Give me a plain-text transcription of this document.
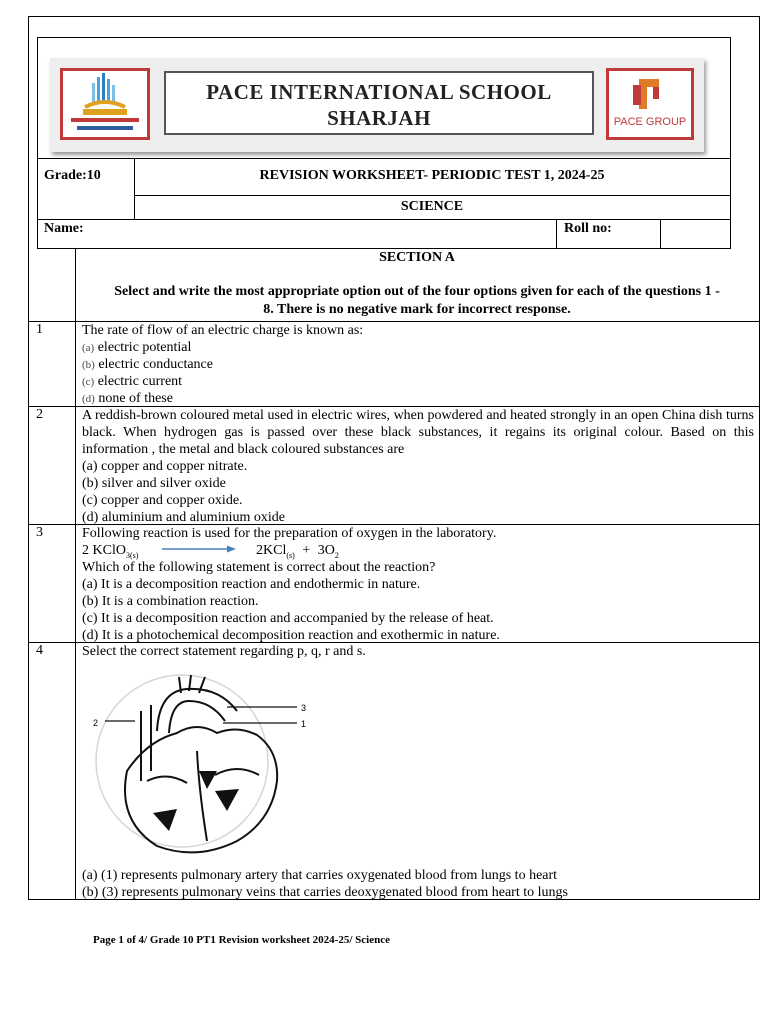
PACE INTERNATIONAL SCHOOL
SHARJAH	PACE GROUP
Grade:10	REVISION WORKSHEET- PERIODIC TEST 1, 2024-25
SCIENCE
Name:	Roll no:
SECTION A
Select and write the most appropriate option out of the four options given for each of the questions 1 -
8. There is no negative mark for incorrect response.
1	The rate of flow of an electric charge is known as:
(a) electric potential
(b) electric conductance
(c) electric current
(d) none of these
2	A reddish-brown coloured metal used in electric wires, when powdered and heated strongly in an open China dish turns black. When hydrogen gas is passed over these black substances, it regains its original colour. Based on this information , the metal and black coloured substances are
(a) copper and copper nitrate.
(b) silver and silver oxide
(c) copper and copper oxide.
(d) aluminium and aluminium oxide
3	Following reaction is used for the preparation of oxygen in the laboratory.
2 KClO$_{3(s)}$	$2KCl_{(s)} + 3O_2$
Which of the following statement is correct about the reaction?
(a) It is a decomposition reaction and endothermic in nature.
(b) It is a combination reaction.
(c) It is a decomposition reaction and accompanied by the release of heat.
(d) It is a photochemical decomposition reaction and exothermic in nature.
4	Select the correct statement regarding p, q, r and s.
2
3
1
(a) (1) represents pulmonary artery that carries oxygenated blood from lungs to heart
(b) (3) represents pulmonary veins that carries deoxygenated blood from heart to lungs
Page 1 of 4/ Grade 10 PT1 Revision worksheet 2024-25/ Science
